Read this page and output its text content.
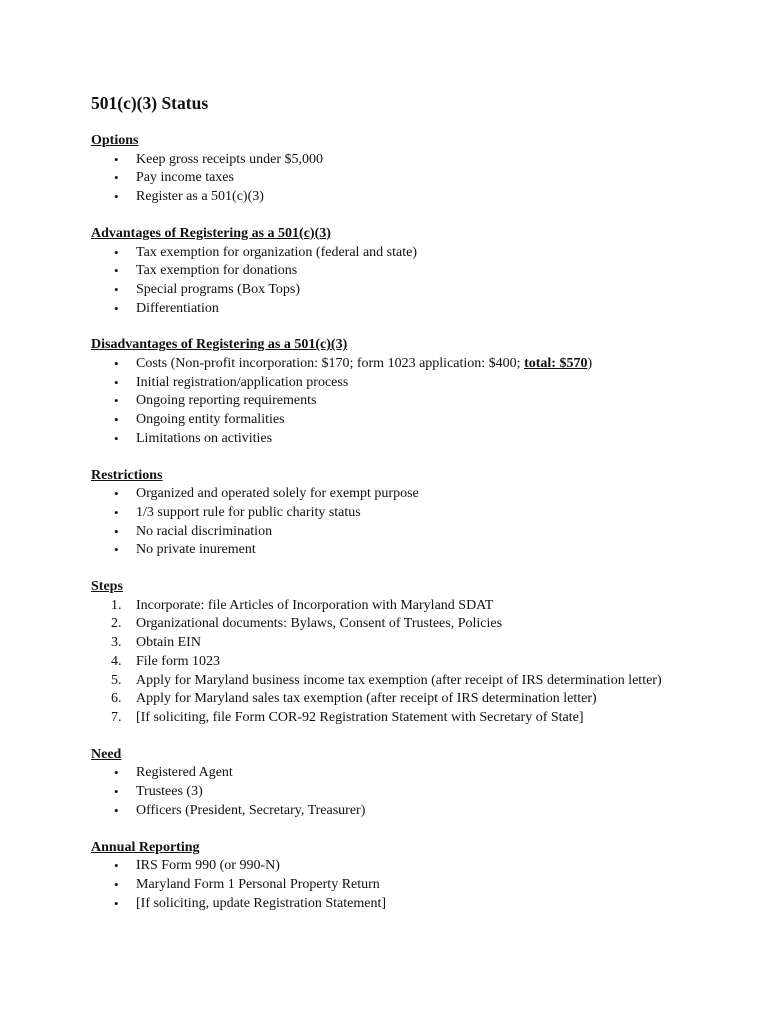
501(c)(3) Status
Options
• Keep gross receipts under $5,000
• Pay income taxes
• Register as a 501(c)(3)
Advantages of Registering as a 501(c)(3)
• Tax exemption for organization (federal and state)
• Tax exemption for donations
• Special programs (Box Tops)
• Differentiation
Disadvantages of Registering as a 501(c)(3)
• Costs (Non-profit incorporation: $170; form 1023 application: $400; total: $570)
• Initial registration/application process
• Ongoing reporting requirements
• Ongoing entity formalities
• Limitations on activities
Restrictions
• Organized and operated solely for exempt purpose
• 1/3 support rule for public charity status
• No racial discrimination
• No private inurement
Steps
1. Incorporate: file Articles of Incorporation with Maryland SDAT
2. Organizational documents: Bylaws, Consent of Trustees, Policies
3. Obtain EIN
4. File form 1023
5. Apply for Maryland business income tax exemption (after receipt of IRS determination letter)
6. Apply for Maryland sales tax exemption (after receipt of IRS determination letter)
7. [If soliciting, file Form COR-92 Registration Statement with Secretary of State]
Need
• Registered Agent
• Trustees (3)
• Officers (President, Secretary, Treasurer)
Annual Reporting
• IRS Form 990 (or 990-N)
• Maryland Form 1 Personal Property Return
• [If soliciting, update Registration Statement]
